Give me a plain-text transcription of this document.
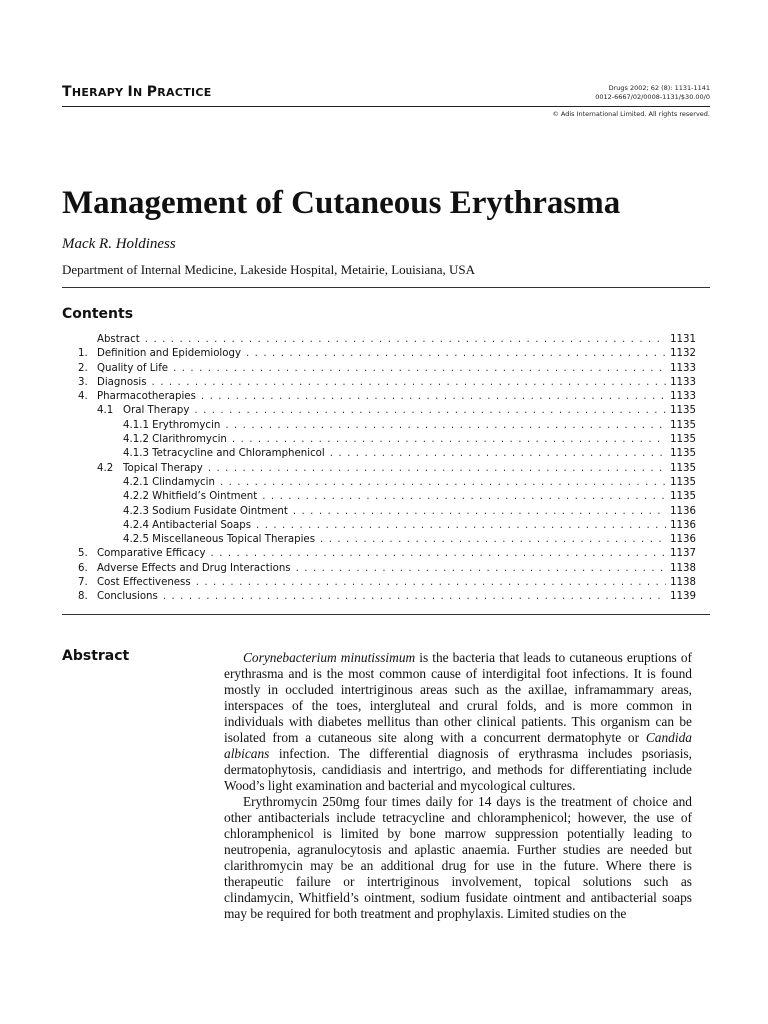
THERAPY IN PRACTICE	Drugs 2002; 62 (8): 1131-1141
0012-6667/02/0008-1131/$30.00/0
© Adis International Limited. All rights reserved.
Management of Cutaneous Erythrasma
Mack R. Holdiness
Department of Internal Medicine, Lakeside Hospital, Metairie, Louisiana, USA
Contents
Abstract . . .	1131
1. Definition and Epidemiology . . .	1132
2. Quality of Life . . .	1133
3. Diagnosis . . .	1133
4. Pharmacotherapies . . .	1133
4.1 Oral Therapy . . .	1135
4.1.1 Erythromycin . . .	1135
4.1.2 Clarithromycin . . .	1135
4.1.3 Tetracycline and Chloramphenicol . . .	1135
4.2 Topical Therapy . . .	1135
4.2.1 Clindamycin . . .	1135
4.2.2 Whitfield’s Ointment . . .	1135
4.2.3 Sodium Fusidate Ointment . . .	1136
4.2.4 Antibacterial Soaps . . .	1136
4.2.5 Miscellaneous Topical Therapies . . .	1136
5. Comparative Efficacy . . .	1137
6. Adverse Effects and Drug Interactions . . .	1138
7. Cost Effectiveness . . .	1138
8. Conclusions . . .	1139
Abstract	Corynebacterium minutissimum is the bacteria that leads to cutaneous eruptions of erythrasma and is the most common cause of interdigital foot infections. It is found mostly in occluded intertriginous areas such as the axillae, inframammary areas, interspaces of the toes, intergluteal and crural folds, and is more common in individuals with diabetes mellitus than other clinical patients. This organism can be isolated from a cutaneous site along with a concurrent dermatophyte or Candida albicans infection. The differential diagnosis of erythrasma includes psoriasis, dermatophytosis, candidiasis and intertrigo, and methods for differentiating include Wood’s light examination and bacterial and mycological cultures.

Erythromycin 250mg four times daily for 14 days is the treatment of choice and other antibacterials include tetracycline and chloramphenicol; however, the use of chloramphenicol is limited by bone marrow suppression potentially leading to neutropenia, agranulocytosis and aplastic anaemia. Further studies are needed but clarithromycin may be an additional drug for use in the future. Where there is therapeutic failure or intertriginous involvement, topical solutions such as clindamycin, Whitfield’s ointment, sodium fusidate ointment and antibacterial soaps may be required for both treatment and prophylaxis. Limited studies on the
